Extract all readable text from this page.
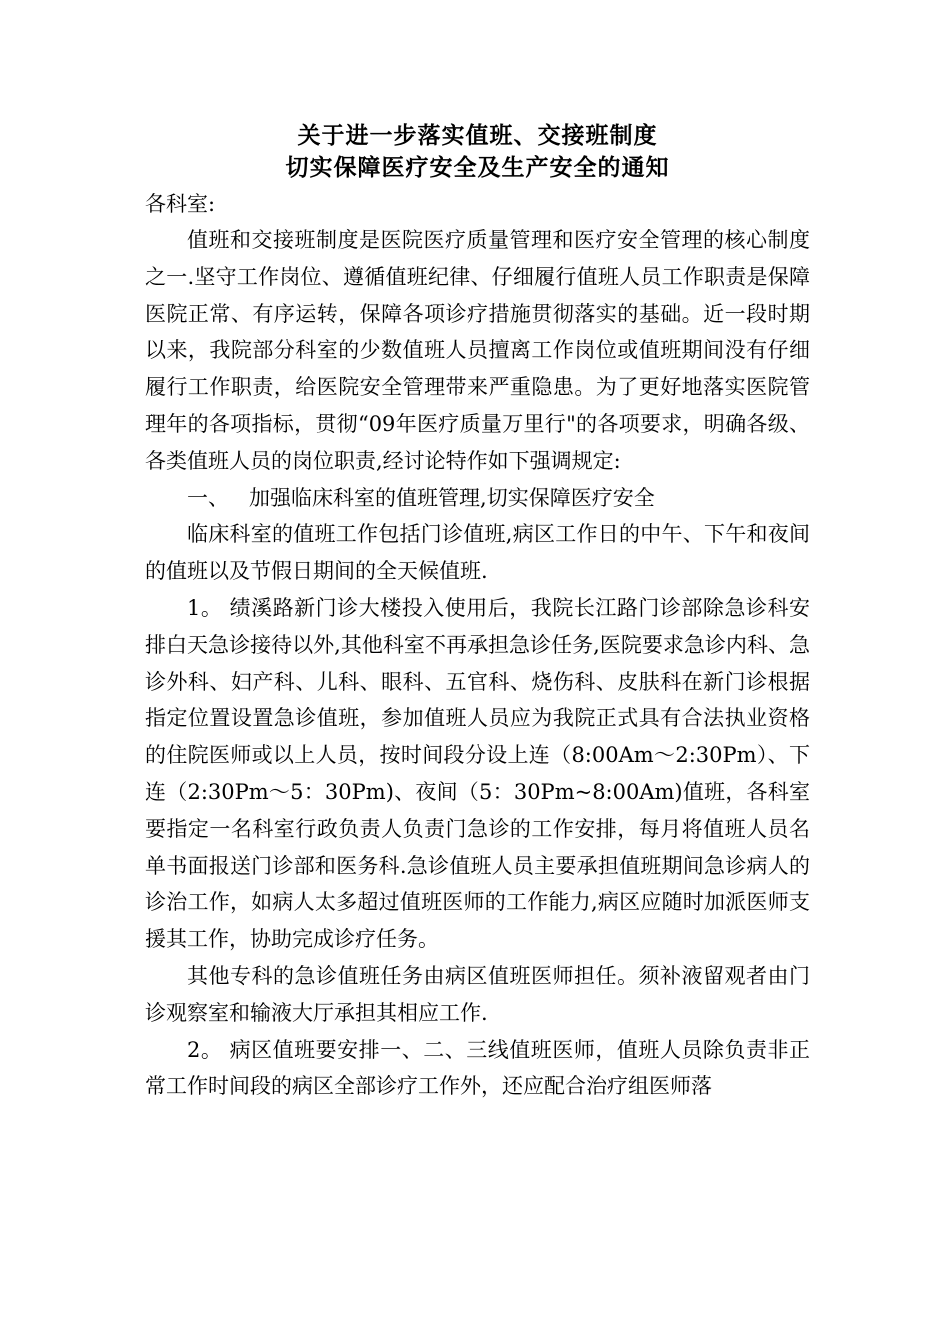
关于进一步落实值班、交接班制度

切实保障医疗安全及生产安全的通知

各科室:

值班和交接班制度是医院医疗质量管理和医疗安全管理的核心制度之一.坚守工作岗位、遵循值班纪律、仔细履行值班人员工作职责是保障医院正常、有序运转，保障各项诊疗措施贯彻落实的基础。近一段时期以来，我院部分科室的少数值班人员擅离工作岗位或值班期间没有仔细履行工作职责，给医院安全管理带来严重隐患。为了更好地落实医院管理年的各项指标，贯彻“09年医疗质量万里行"的各项要求，明确各级、各类值班人员的岗位职责,经讨论特作如下强调规定:

一、   加强临床科室的值班管理,切实保障医疗安全

临床科室的值班工作包括门诊值班,病区工作日的中午、下午和夜间的值班以及节假日期间的全天候值班.

1。 绩溪路新门诊大楼投入使用后，我院长江路门诊部除急诊科安排白天急诊接待以外,其他科室不再承担急诊任务,医院要求急诊内科、急诊外科、妇产科、儿科、眼科、五官科、烧伤科、皮肤科在新门诊根据指定位置设置急诊值班，参加值班人员应为我院正式具有合法执业资格的住院医师或以上人员，按时间段分设上连（8:00Am～2:30Pm）、下连（2:30Pm～5：30Pm)、夜间（5：30Pm~8:00Am)值班，各科室要指定一名科室行政负责人负责门急诊的工作安排，每月将值班人员名单书面报送门诊部和医务科.急诊值班人员主要承担值班期间急诊病人的诊治工作，如病人太多超过值班医师的工作能力,病区应随时加派医师支援其工作，协助完成诊疗任务。

其他专科的急诊值班任务由病区值班医师担任。须补液留观者由门诊观察室和输液大厅承担其相应工作.

2。 病区值班要安排一、二、三线值班医师，值班人员除负责非正常工作时间段的病区全部诊疗工作外，还应配合治疗组医师落
